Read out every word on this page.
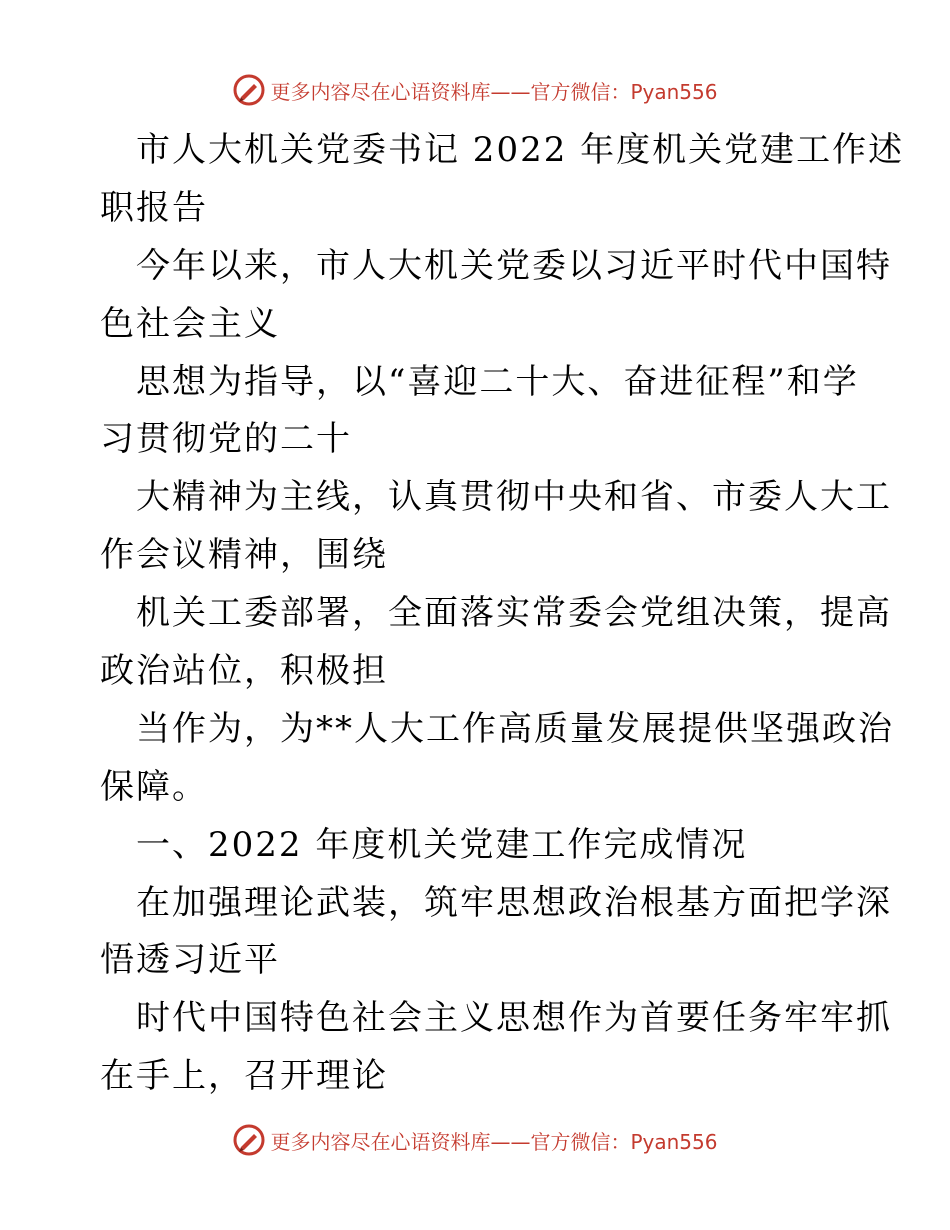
更多内容尽在心语资料库——官方微信：Pyan556
市人大机关党委书记 2022 年度机关党建工作述
职报告
今年以来，市人大机关党委以习近平时代中国特
色社会主义
思想为指导，以“喜迎二十大、奋进征程”和学
习贯彻党的二十
大精神为主线，认真贯彻中央和省、市委人大工
作会议精神，围绕
机关工委部署，全面落实常委会党组决策，提高
政治站位，积极担
当作为，为**人大工作高质量发展提供坚强政治
保障。
一、2022 年度机关党建工作完成情况
在加强理论武装，筑牢思想政治根基方面把学深
悟透习近平
时代中国特色社会主义思想作为首要任务牢牢抓
在手上，召开理论
更多内容尽在心语资料库——官方微信：Pyan556
